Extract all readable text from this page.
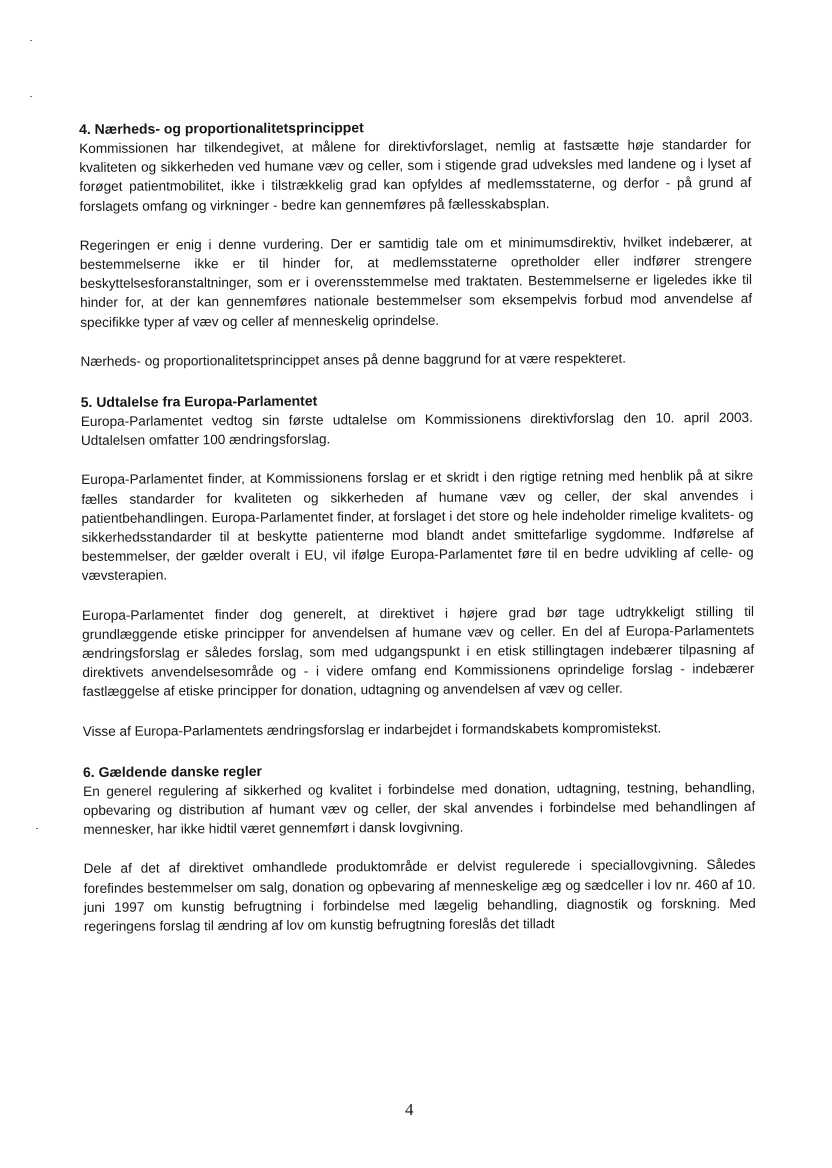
4. Nærheds- og proportionalitetsprincippet

Kommissionen har tilkendegivet, at målene for direktivforslaget, nemlig at fastsætte høje standarder for kvaliteten og sikkerheden ved humane væv og celler, som i stigende grad udveksles med landene og i lyset af forøget patientmobilitet, ikke i tilstrækkelig grad kan opfyldes af medlemsstaterne, og derfor - på grund af forslagets omfang og virkninger - bedre kan gennemføres på fællesskabsplan.

Regeringen er enig i denne vurdering. Der er samtidig tale om et minimumsdirektiv, hvilket indebærer, at bestemmelserne ikke er til hinder for, at medlemsstaterne opretholder eller indfører strengere beskyttelsesforanstaltninger, som er i overensstemmelse med traktaten. Bestemmelserne er ligeledes ikke til hinder for, at der kan gennemføres nationale bestemmelser som eksempelvis forbud mod anvendelse af specifikke typer af væv og celler af menneskelig oprindelse.

Nærheds- og proportionalitetsprincippet anses på denne baggrund for at være respekteret.

5. Udtalelse fra Europa-Parlamentet

Europa-Parlamentet vedtog sin første udtalelse om Kommissionens direktivforslag den 10. april 2003. Udtalelsen omfatter 100 ændringsforslag.

Europa-Parlamentet finder, at Kommissionens forslag er et skridt i den rigtige retning med henblik på at sikre fælles standarder for kvaliteten og sikkerheden af humane væv og celler, der skal anvendes i patientbehandlingen. Europa-Parlamentet finder, at forslaget i det store og hele indeholder rimelige kvalitets- og sikkerhedsstandarder til at beskytte patienterne mod blandt andet smittefarlige sygdomme. Indførelse af bestemmelser, der gælder overalt i EU, vil ifølge Europa-Parlamentet føre til en bedre udvikling af celle- og vævsterapien.

Europa-Parlamentet finder dog generelt, at direktivet i højere grad bør tage udtrykkeligt stilling til grundlæggende etiske principper for anvendelsen af humane væv og celler. En del af Europa-Parlamentets ændringsforslag er således forslag, som med udgangspunkt i en etisk stillingtagen indebærer tilpasning af direktivets anvendelsesområde og - i videre omfang end Kommissionens oprindelige forslag - indebærer fastlæggelse af etiske principper for donation, udtagning og anvendelsen af væv og celler.

Visse af Europa-Parlamentets ændringsforslag er indarbejdet i formandskabets kompromistekst.

6. Gældende danske regler

En generel regulering af sikkerhed og kvalitet i forbindelse med donation, udtagning, testning, behandling, opbevaring og distribution af humant væv og celler, der skal anvendes i forbindelse med behandlingen af mennesker, har ikke hidtil været gennemført i dansk lovgivning.

Dele af det af direktivet omhandlede produktområde er delvist regulerede i speciallovgivning. Således forefindes bestemmelser om salg, donation og opbevaring af menneskelige æg og sædceller i lov nr. 460 af 10. juni 1997 om kunstig befrugtning i forbindelse med lægelig behandling, diagnostik og forskning. Med regeringens forslag til ændring af lov om kunstig befrugtning foreslås det tilladt

4
